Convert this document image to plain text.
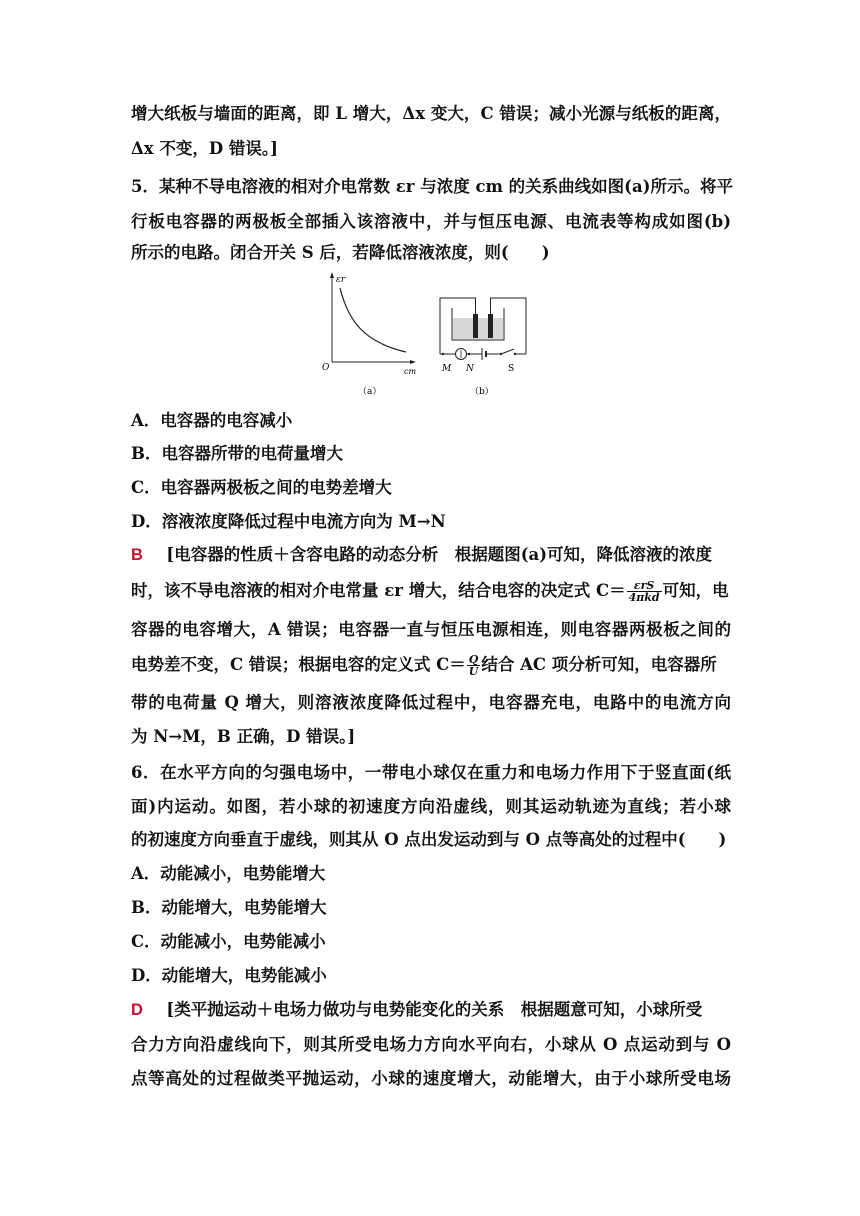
增大纸板与墙面的距离，即 L 增大，Δx 变大，C 错误；减小光源与纸板的距离，
Δx 不变，D 错误。]
5．某种不导电溶液的相对介电常数 εr 与浓度 cm 的关系曲线如图(a)所示。将平
行板电容器的两极板全部插入该溶液中，并与恒压电源、电流表等构成如图(b)
所示的电路。闭合开关 S 后，若降低溶液浓度，则(　　)
εr
O	cm
（a）
M N	S
（b）
A．电容器的电容减小
B．电容器所带的电荷量增大
C．电容器两极板之间的电势差增大
D．溶液浓度降低过程中电流方向为 M→N
B [电容器的性质＋含容电路的动态分析　根据题图(a)可知，降低溶液的浓度
时，该不导电溶液的相对介电常量 εr 增大，结合电容的决定式 $C= \frac{\text{εrS}}{\text{4πkd}}$ 可知，电
容器的电容增大，A 错误；电容器一直与恒压电源相连，则电容器两极板之间的
电势差不变，C 错误；根据电容的定义式 $C= \frac{Q}{U}$ 结合 AC 项分析可知，电容器所
带的电荷量 Q 增大，则溶液浓度降低过程中，电容器充电，电路中的电流方向
为 N→M，B 正确，D 错误。]
6．在水平方向的匀强电场中，一带电小球仅在重力和电场力作用下于竖直面(纸
面)内运动。如图，若小球的初速度方向沿虚线，则其运动轨迹为直线；若小球
的初速度方向垂直于虚线，则其从 O 点出发运动到与 O 点等高处的过程中(　　)
A．动能减小，电势能增大
B．动能增大，电势能增大
C．动能减小，电势能减小
D．动能增大，电势能减小
D [类平抛运动＋电场力做功与电势能变化的关系　根据题意可知，小球所受
合力方向沿虚线向下，则其所受电场力方向水平向右，小球从 O 点运动到与 O
点等高处的过程做类平抛运动，小球的速度增大，动能增大，由于小球所受电场
